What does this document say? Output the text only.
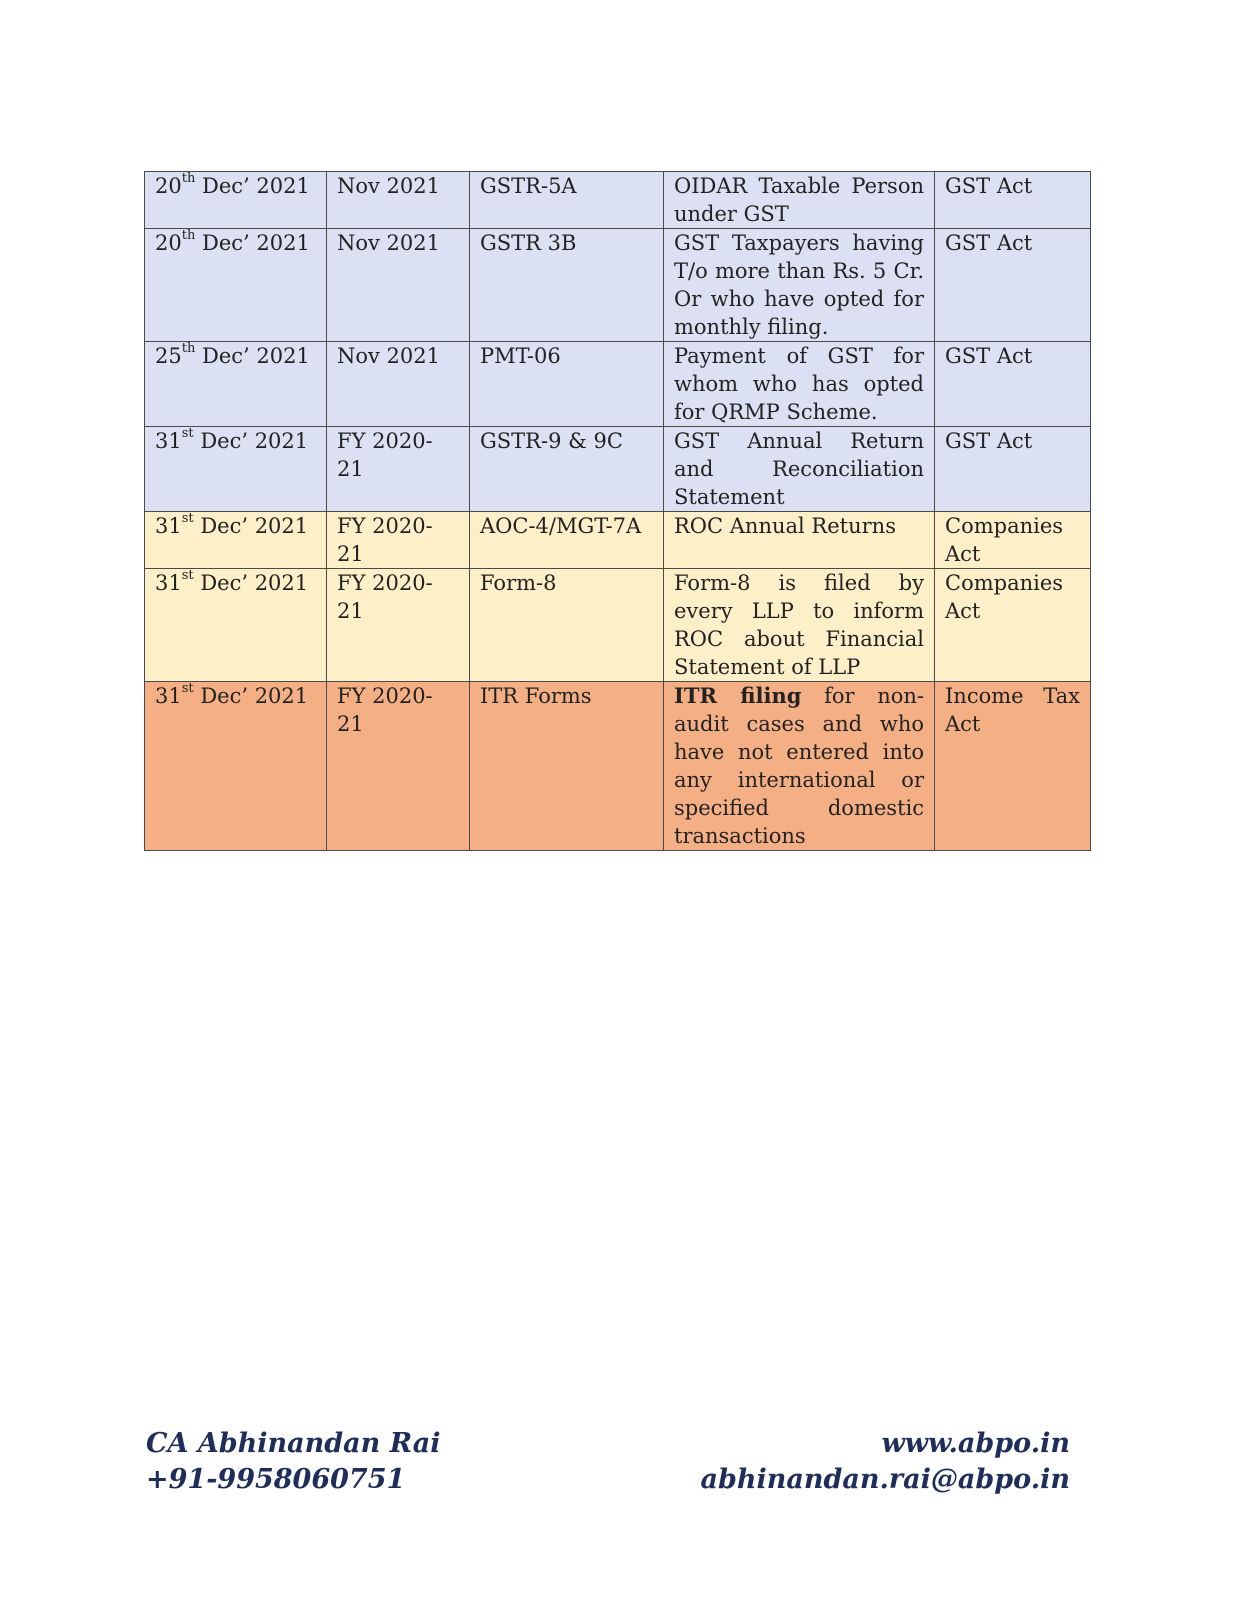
20th Dec’ 2021	Nov 2021	GSTR-5A	OIDAR Taxable Person under GST	GST Act
20th Dec’ 2021	Nov 2021	GSTR 3B	GST Taxpayers having T/o more than Rs. 5 Cr. Or who have opted for monthly filing.	GST Act
25th Dec’ 2021	Nov 2021	PMT-06	Payment of GST for whom who has opted for QRMP Scheme.	GST Act
31st Dec’ 2021	FY 2020-21	GSTR-9 & 9C	GST Annual Return and Reconciliation Statement	GST Act
31st Dec’ 2021	FY 2020-21	AOC-4/MGT-7A	ROC Annual Returns	Companies Act
31st Dec’ 2021	FY 2020-21	Form-8	Form-8 is filed by every LLP to inform ROC about Financial Statement of LLP	Companies Act
31st Dec’ 2021	FY 2020-21	ITR Forms	ITR filing for non-audit cases and who have not entered into any international or specified domestic transactions	Income Tax Act
CA Abhinandan Rai
+91-9958060751
www.abpo.in
abhinandan.rai@abpo.in
